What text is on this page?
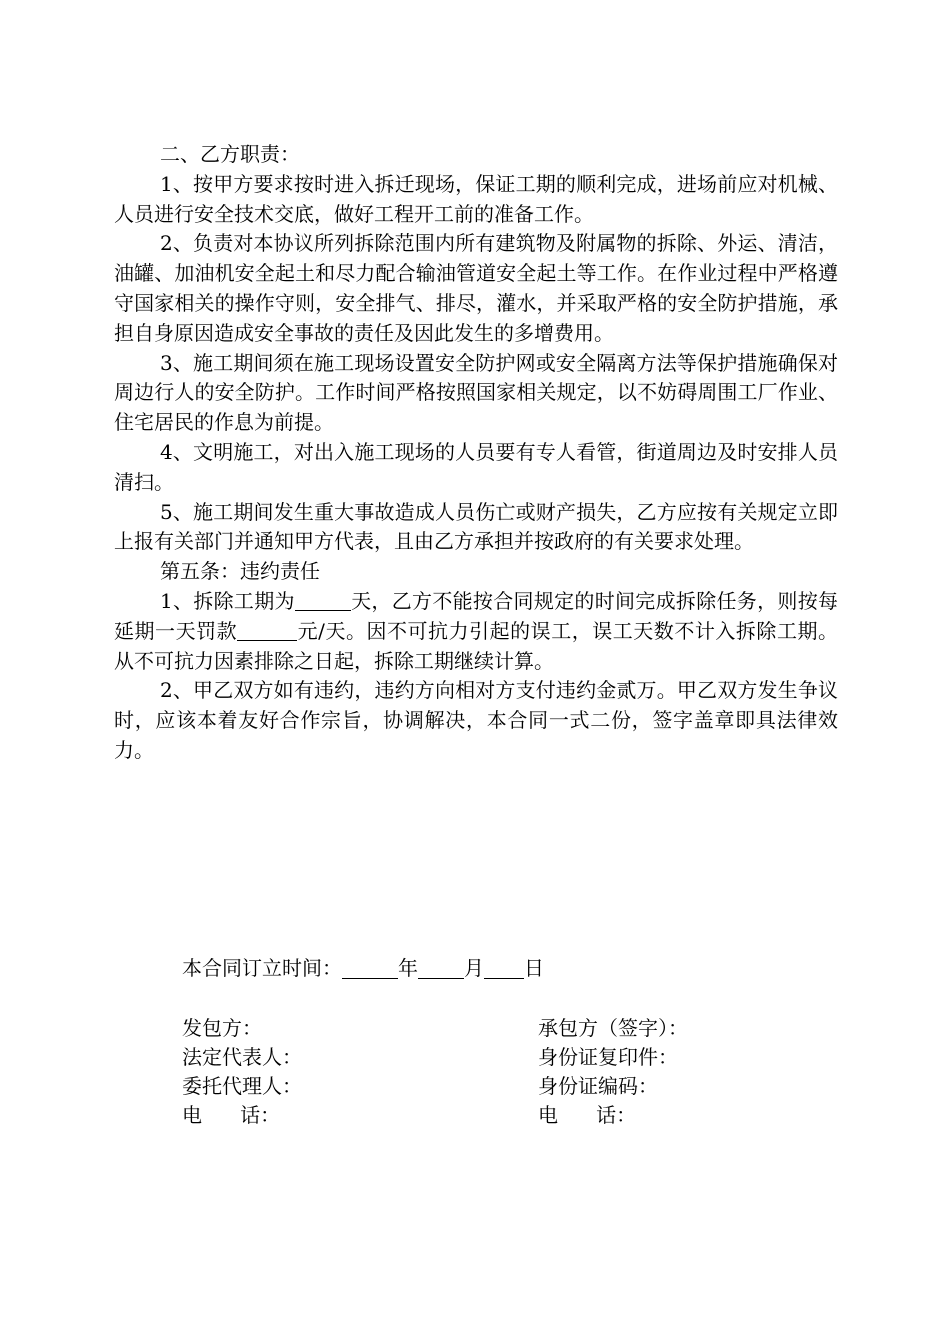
二、乙方职责：

1、按甲方要求按时进入拆迁现场，保证工期的顺利完成，进场前应对机械、人员进行安全技术交底，做好工程开工前的准备工作。

2、负责对本协议所列拆除范围内所有建筑物及附属物的拆除、外运、清洁，油罐、加油机安全起土和尽力配合输油管道安全起土等工作。在作业过程中严格遵守国家相关的操作守则，安全排气、排尽，灌水，并采取严格的安全防护措施，承担自身原因造成安全事故的责任及因此发生的多增费用。

3、施工期间须在施工现场设置安全防护网或安全隔离方法等保护措施确保对周边行人的安全防护。工作时间严格按照国家相关规定，以不妨碍周围工厂作业、住宅居民的作息为前提。

4、文明施工，对出入施工现场的人员要有专人看管，街道周边及时安排人员清扫。

5、施工期间发生重大事故造成人员伤亡或财产损失，乙方应按有关规定立即上报有关部门并通知甲方代表，且由乙方承担并按政府的有关要求处理。

第五条：违约责任

1、拆除工期为	天，乙方不能按合同规定的时间完成拆除任务，则按每延期一天罚款	元/天。因不可抗力引起的误工，误工天数不计入拆除工期。从不可抗力因素排除之日起，拆除工期继续计算。

2、甲乙双方如有违约，违约方向相对方支付违约金贰万。甲乙双方发生争议时，应该本着友好合作宗旨，协调解决，本合同一式二份，签字盖章即具法律效力。

本合同订立时间：	年 月 日
发包方：	承包方（签字）：
法定代表人：	身份证复印件：
委托代理人：	身份证编码：
电      话：	电      话：
